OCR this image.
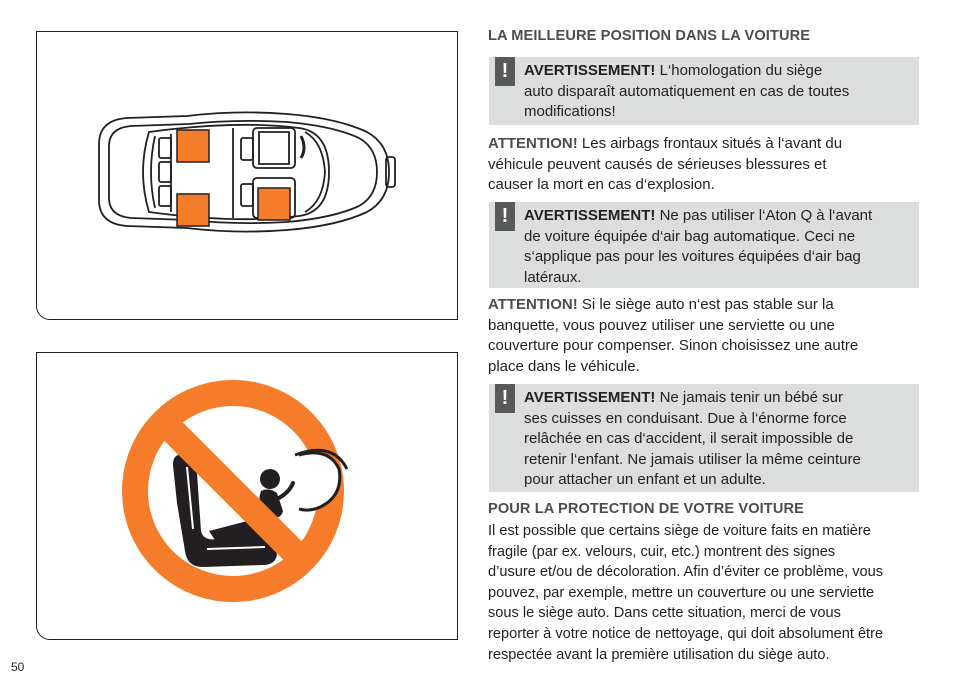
LA MEILLEURE POSITION DANS LA VOITURE

!	AVERTISSEMENT! L‘homologation du siège
auto disparaît automatiquement en cas de toutes
modifications!
ATTENTION! Les airbags frontaux situés à l‘avant du
véhicule peuvent causés de sérieuses blessures et
causer la mort en cas d‘explosion.
!	AVERTISSEMENT! Ne pas utiliser l‘Aton Q à l‘avant
de voiture équipée d‘air bag automatique. Ceci ne
s‘applique pas pour les voitures équipées d‘air bag
latéraux.
ATTENTION! Si le siège auto n‘est pas stable sur la
banquette, vous pouvez utiliser une serviette ou une
couverture pour compenser. Sinon choisissez une autre
place dans le véhicule.
!	AVERTISSEMENT! Ne jamais tenir un bébé sur
ses cuisses en conduisant. Due à l‘énorme force
relâchée en cas d‘accident, il serait impossible de
retenir l‘enfant. Ne jamais utiliser la même ceinture
pour attacher un enfant et un adulte.

POUR LA PROTECTION DE VOTRE VOITURE

Il est possible que certains siège de voiture faits en matière
fragile (par ex. velours, cuir, etc.) montrent des signes
d’usure et/ou de décoloration. Afin d’éviter ce problème, vous
pouvez, par exemple, mettre un couverture ou une serviette
sous le siège auto. Dans cette situation, merci de vous
reporter à votre notice de nettoyage, qui doit absolument être
respectée avant la première utilisation du siège auto.
50
